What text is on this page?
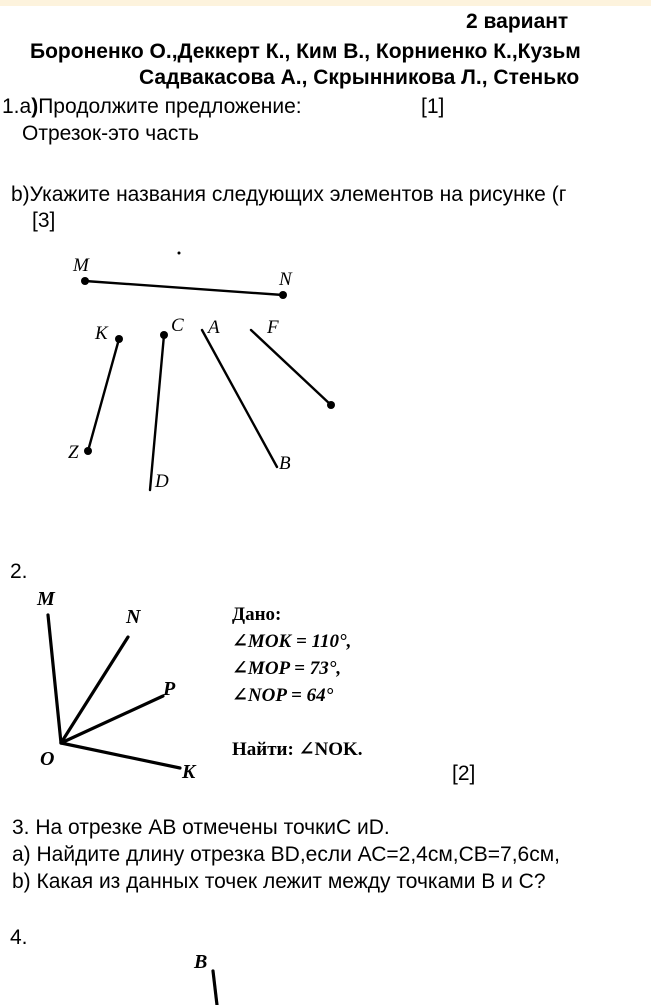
2 вариант
Бороненко О.,Деккерт К., Ким В., Корниенко К.,Кузьм
Садвакасова А., Скрынникова Л., Стенько
1.a)Продолжите предложение:	[1]
Отрезок-это часть
b)Укажите названия следующих элементов на рисунке (г
[3]
M
N
K	C A F
Z
D
B
2.
M
N
P
O
K
Дано:
∠MOK = 110°,
∠MOP = 73°,
∠NOP = 64°
Найти: ∠NOK.
[2]
3. На отрезке АВ отмечены точкиС иD.
а) Найдите длину отрезка BD,если АС=2,4см,СВ=7,6см,
b) Какая из данных точек лежит между точками В и С?
4.
B
